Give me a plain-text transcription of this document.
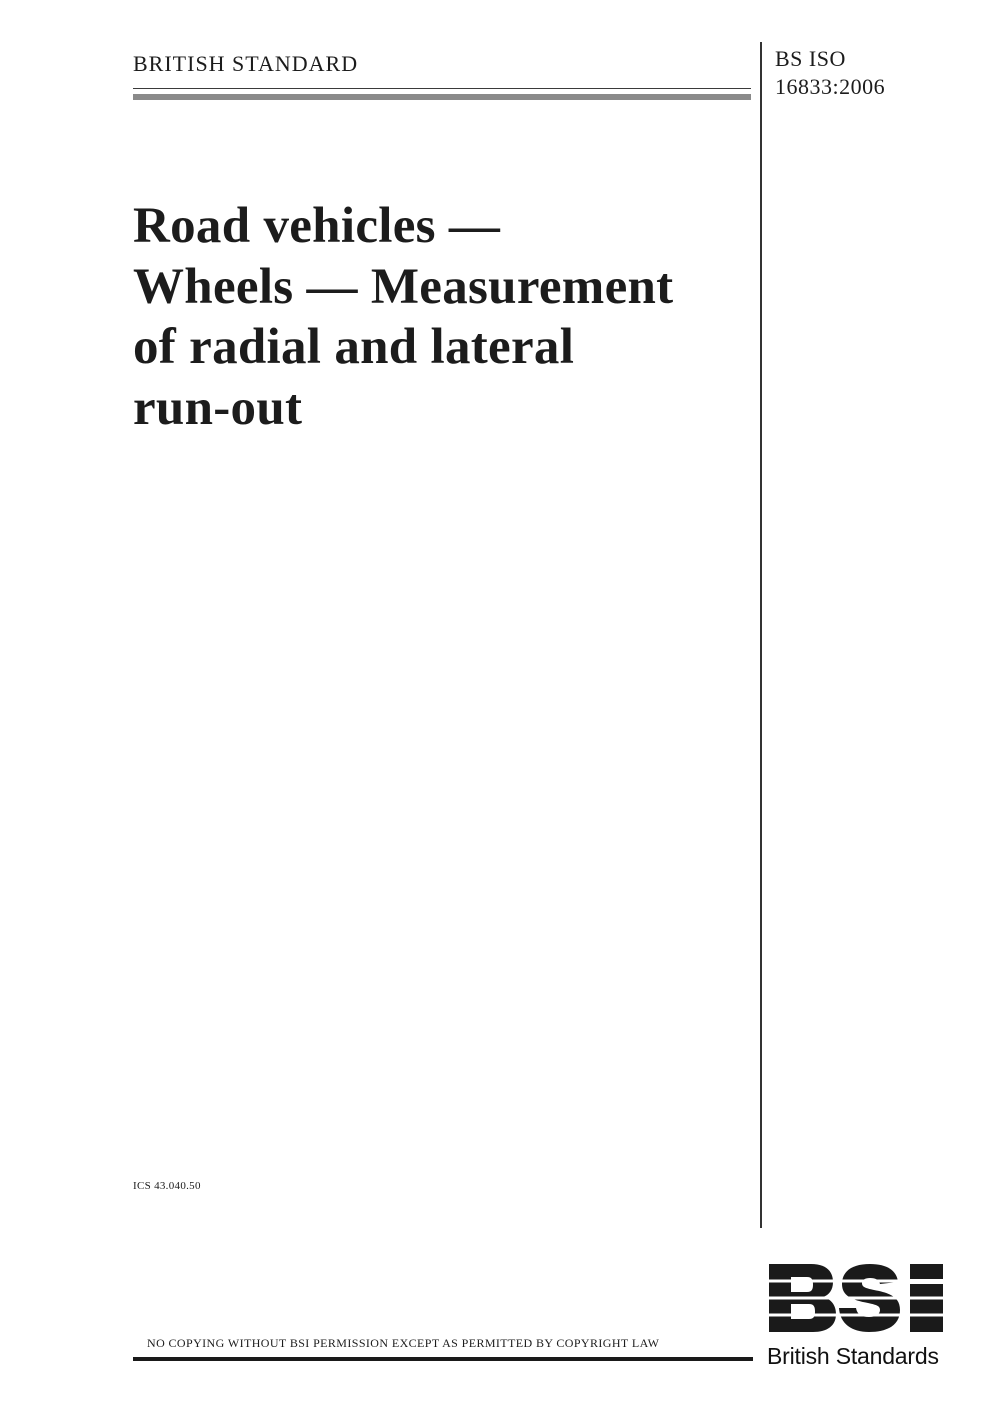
BRITISH STANDARD	BS ISO
16833:2006
Road vehicles —
Wheels — Measurement
of radial and lateral
run-out
ICS 43.040.50
NO COPYING WITHOUT BSI PERMISSION EXCEPT AS PERMITTED BY COPYRIGHT LAW
BSi
British Standards
